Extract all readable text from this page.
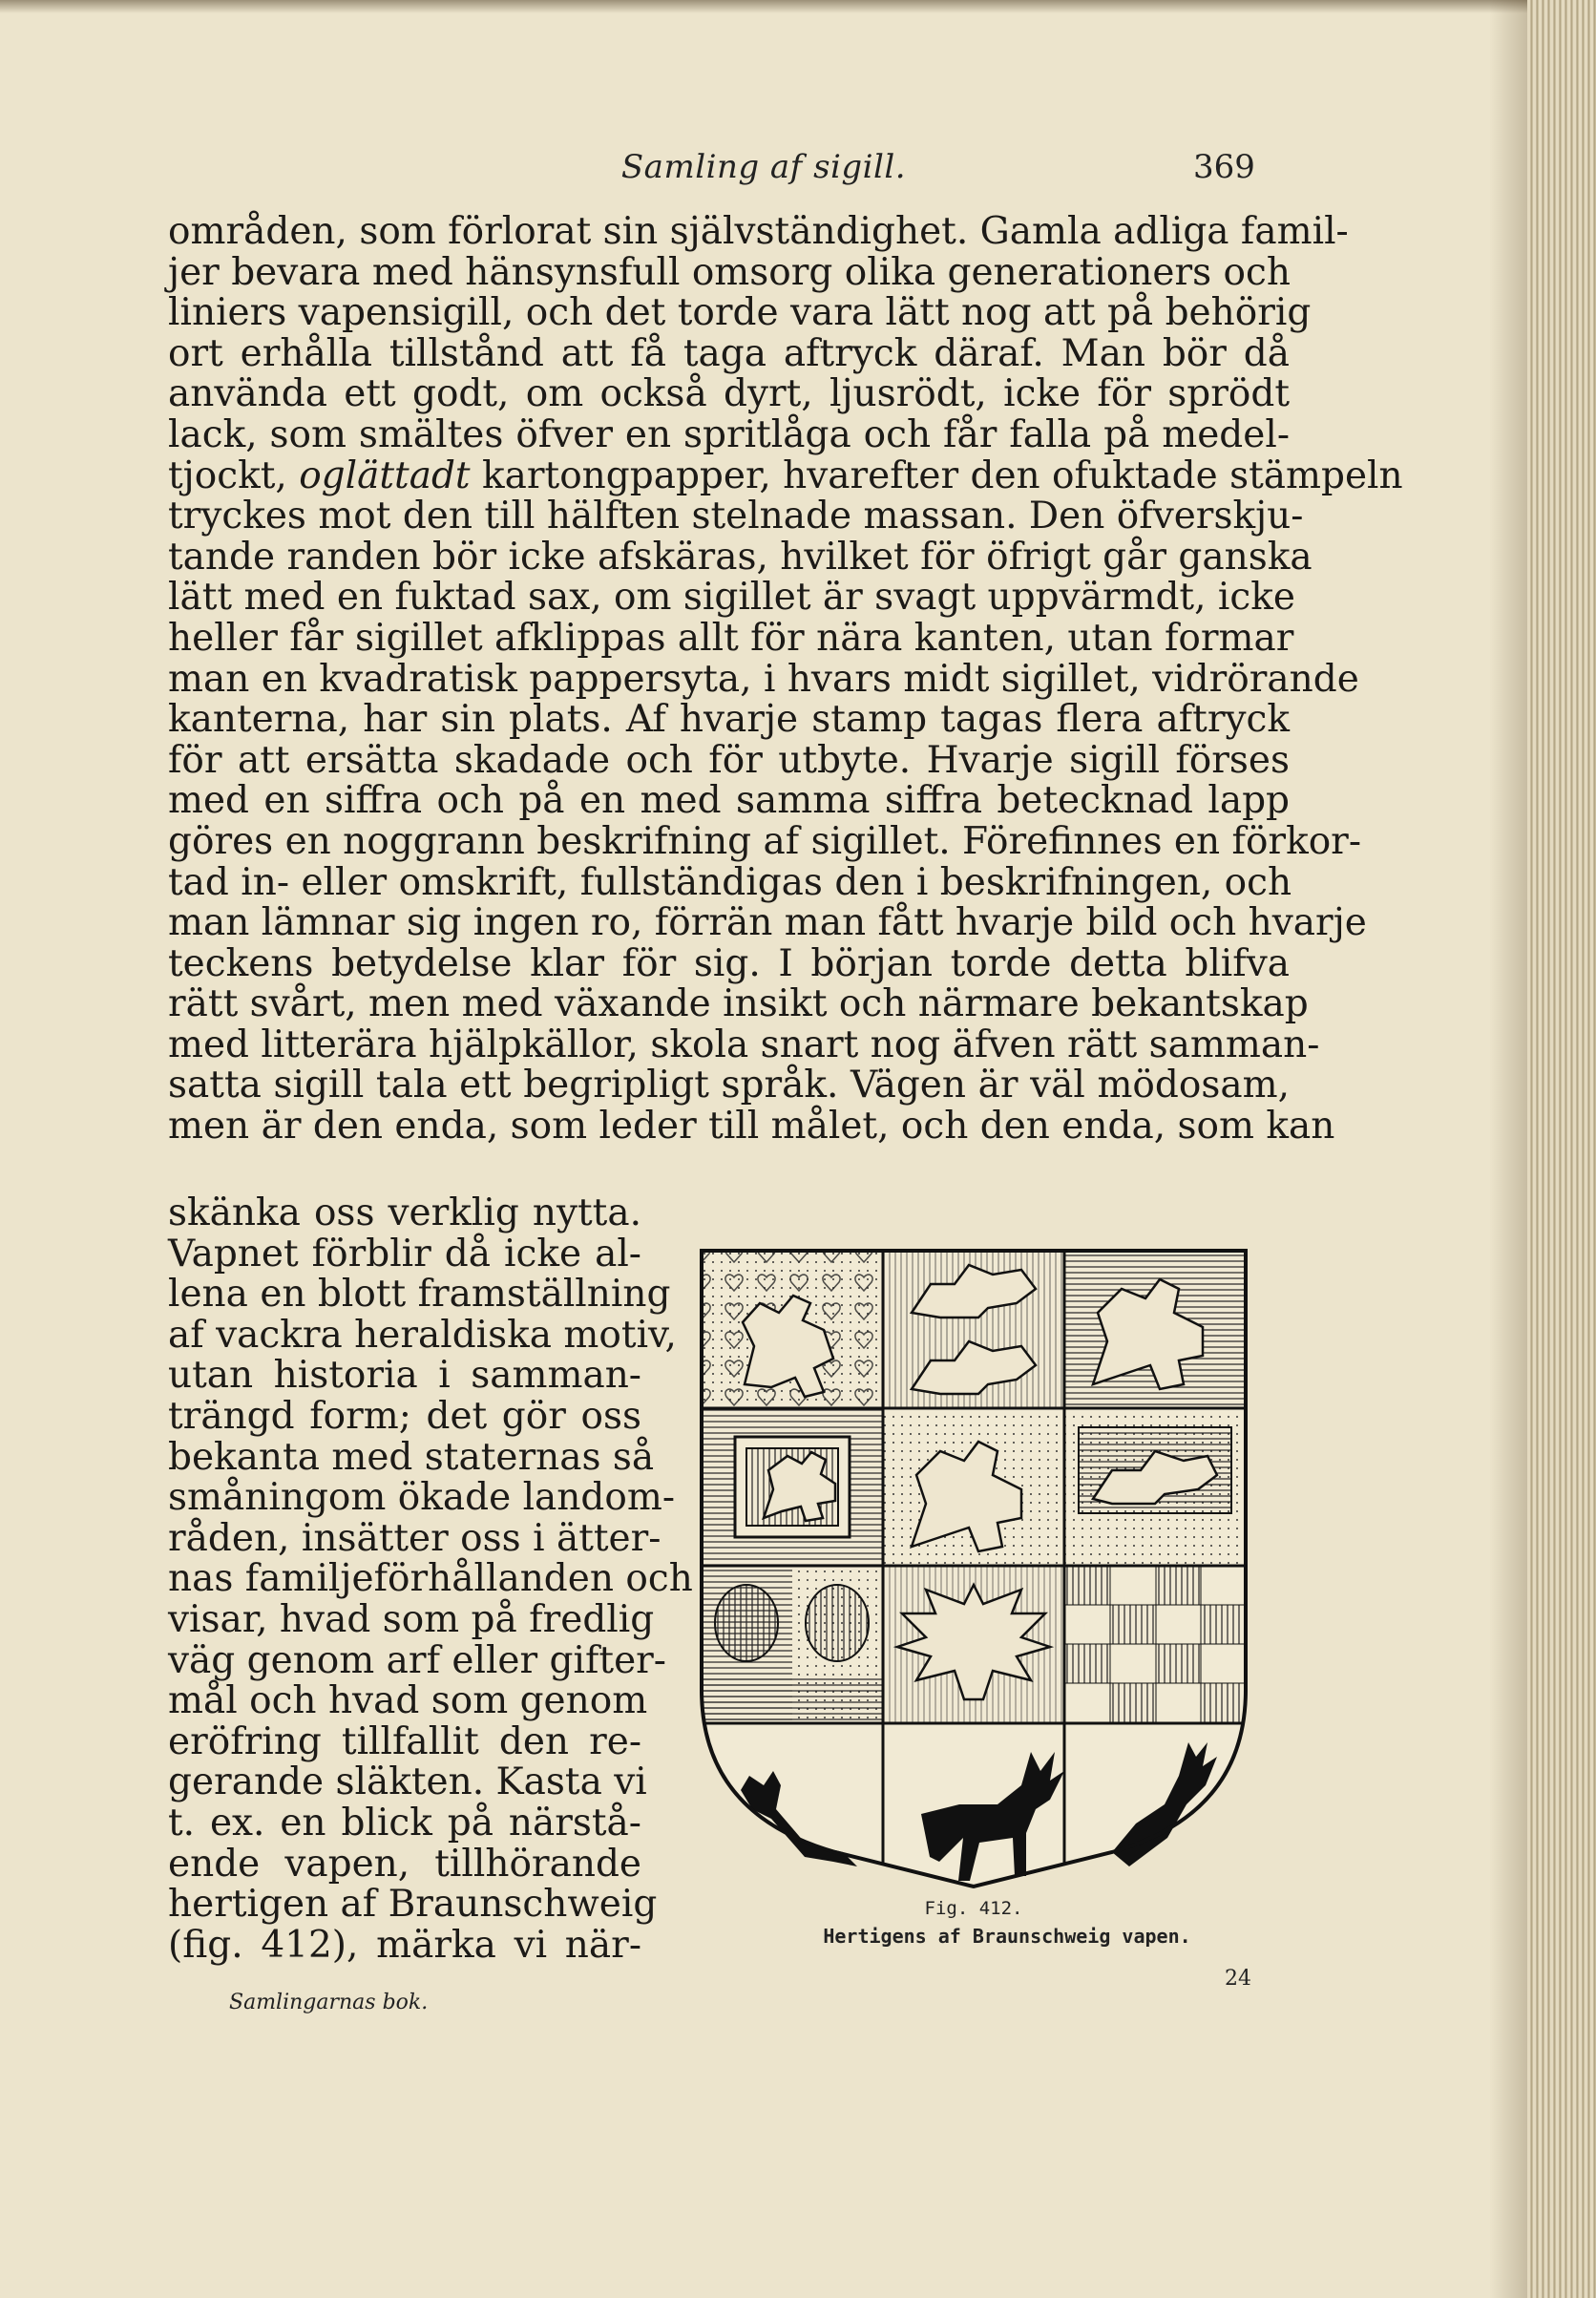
Samling af sigill.	369
områden, som förlorat sin självständighet. Gamla adliga famil-
jer bevara med hänsynsfull omsorg olika generationers och
liniers vapensigill, och det torde vara lätt nog att på behörig
ort erhålla tillstånd att få taga aftryck däraf. Man bör då
använda ett godt, om också dyrt, ljusrödt, icke för sprödt
lack, som smältes öfver en spritlåga och får falla på medel-
tjockt, oglättadt kartongpapper, hvarefter den ofuktade stämpeln
tryckes mot den till hälften stelnade massan. Den öfverskju-
tande randen bör icke afskäras, hvilket för öfrigt går ganska
lätt med en fuktad sax, om sigillet är svagt uppvärmdt, icke
heller får sigillet afklippas allt för nära kanten, utan formar
man en kvadratisk pappersyta, i hvars midt sigillet, vidrörande
kanterna, har sin plats. Af hvarje stamp tagas flera aftryck
för att ersätta skadade och för utbyte. Hvarje sigill förses
med en siffra och på en med samma siffra betecknad lapp
göres en noggrann beskrifning af sigillet. Förefinnes en förkor-
tad in- eller omskrift, fullständigas den i beskrifningen, och
man lämnar sig ingen ro, förrän man fått hvarje bild och hvarje
teckens betydelse klar för sig. I början torde detta blifva
rätt svårt, men med växande insikt och närmare bekantskap
med litterära hjälpkällor, skola snart nog äfven rätt samman-
satta sigill tala ett begripligt språk. Vägen är väl mödosam,
men är den enda, som leder till målet, och den enda, som kan
skänka oss verklig nytta.
Vapnet förblir då icke al-
lena en blott framställning
af vackra heraldiska motiv,
utan historia i samman-
trängd form; det gör oss
bekanta med staternas så
småningom ökade landom-
råden, insätter oss i ätter-
nas familjeförhållanden och
visar, hvad som på fredlig
väg genom arf eller gifter-
mål och hvad som genom
eröfring tillfallit den re-
gerande släkten. Kasta vi
t. ex. en blick på närstå-
ende vapen, tillhörande
hertigen af Braunschweig
(fig. 412), märka vi när-
Fig. 412.
Hertigens af Braunschweig vapen.
Samlingarnas bok.
24
